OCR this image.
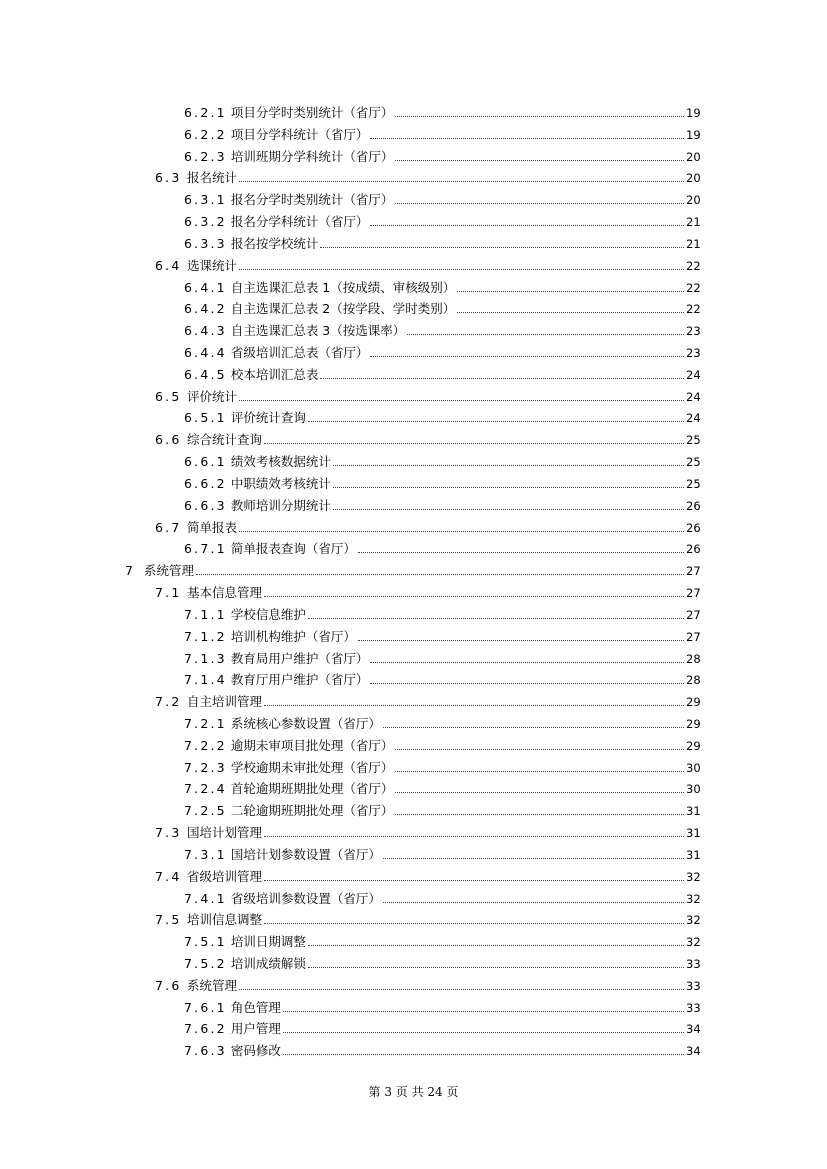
6.2.1 项目分学时类别统计（省厅）	19
6.2.2 项目分学科统计（省厅）	19
6.2.3 培训班期分学科统计（省厅）	20
6.3 报名统计	20
6.3.1 报名分学时类别统计（省厅）	20
6.3.2 报名分学科统计（省厅）	21
6.3.3 报名按学校统计	21
6.4 选课统计	22
6.4.1 自主选课汇总表 1（按成绩、审核级别）	22
6.4.2 自主选课汇总表 2（按学段、学时类别）	22
6.4.3 自主选课汇总表 3（按选课率）	23
6.4.4 省级培训汇总表（省厅）	23
6.4.5 校本培训汇总表	24
6.5 评价统计	24
6.5.1 评价统计查询	24
6.6 综合统计查询	25
6.6.1 绩效考核数据统计	25
6.6.2 中职绩效考核统计	25
6.6.3 教师培训分期统计	26
6.7 简单报表	26
6.7.1 简单报表查询（省厅）	26
7 系统管理	27
7.1 基本信息管理	27
7.1.1 学校信息维护	27
7.1.2 培训机构维护（省厅）	27
7.1.3 教育局用户维护（省厅）	28
7.1.4 教育厅用户维护（省厅）	28
7.2 自主培训管理	29
7.2.1 系统核心参数设置（省厅）	29
7.2.2 逾期未审项目批处理（省厅）	29
7.2.3 学校逾期未审批处理（省厅）	30
7.2.4 首轮逾期班期批处理（省厅）	30
7.2.5 二轮逾期班期批处理（省厅）	31
7.3 国培计划管理	31
7.3.1 国培计划参数设置（省厅）	31
7.4 省级培训管理	32
7.4.1 省级培训参数设置（省厅）	32
7.5 培训信息调整	32
7.5.1 培训日期调整	32
7.5.2 培训成绩解锁	33
7.6 系统管理	33
7.6.1 角色管理	33
7.6.2 用户管理	34
7.6.3 密码修改	34
第 3 页 共 24 页
